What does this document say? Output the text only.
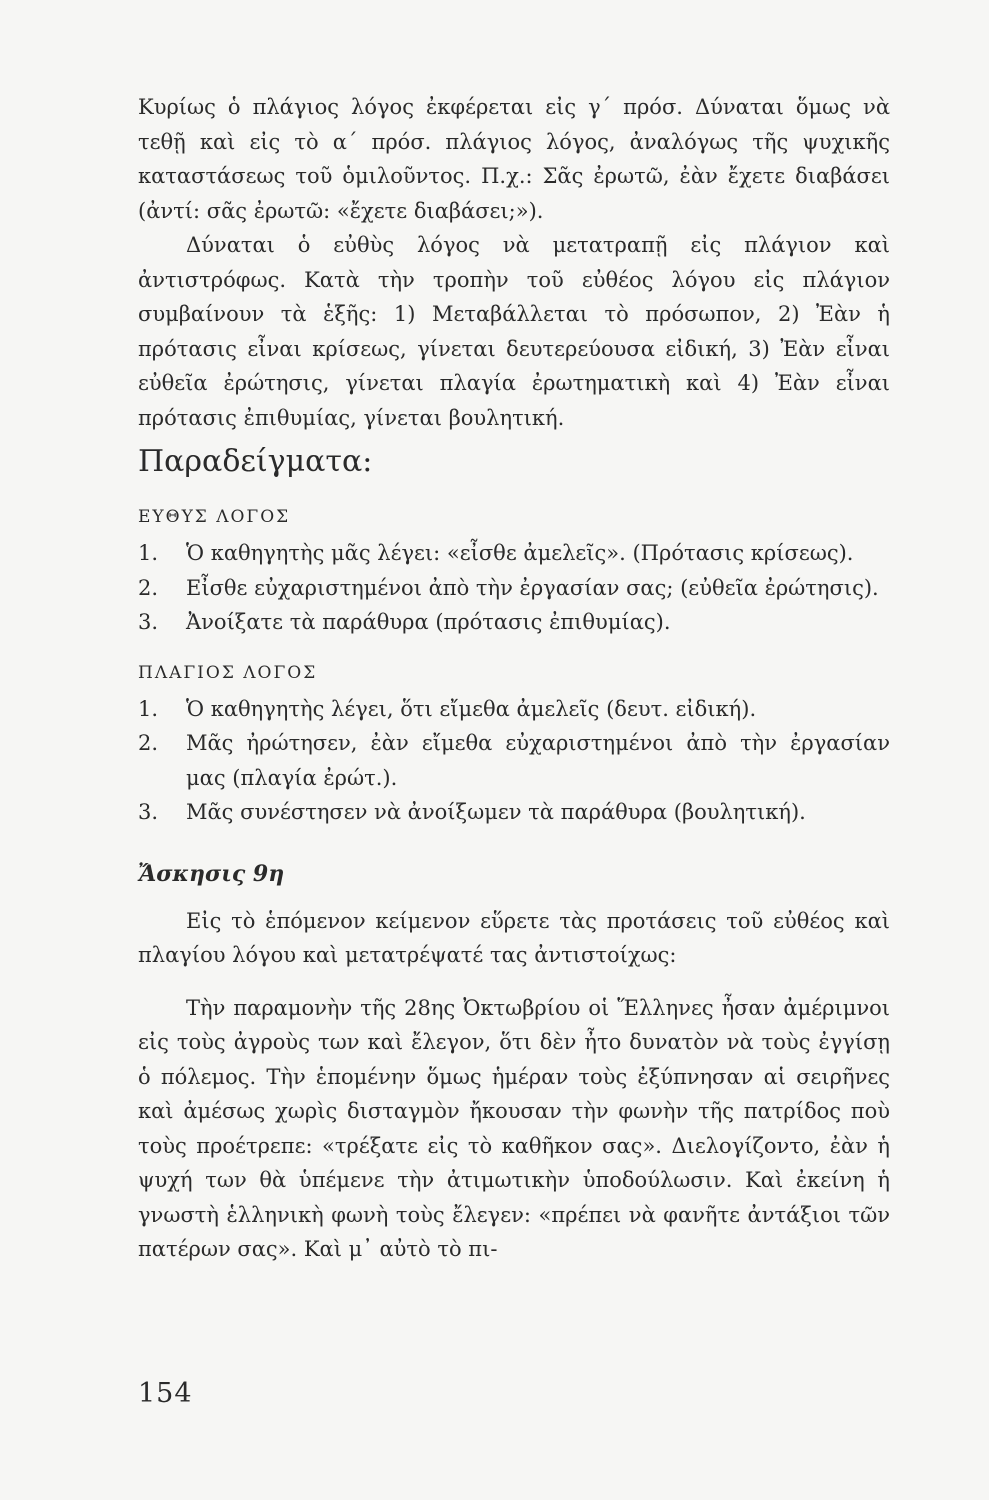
Κυρίως ὁ πλάγιος λόγος ἐκφέρεται εἰς γ΄ πρόσ. Δύναται ὅμως νὰ τεθῇ καὶ εἰς τὸ α΄ πρόσ. πλάγιος λόγος, ἀναλόγως τῆς ψυχικῆς καταστάσεως τοῦ ὁμιλοῦντος. Π.χ.: Σᾶς ἐρωτῶ, ἐὰν ἔχετε διαβάσει (ἀντί: σᾶς ἐρωτῶ: «ἔχετε διαβάσει;»).

Δύναται ὁ εὐθὺς λόγος νὰ μετατραπῇ εἰς πλάγιον καὶ ἀντιστρόφως. Κατὰ τὴν τροπὴν τοῦ εὐθέος λόγου εἰς πλάγιον συμβαίνουν τὰ ἑξῆς: 1) Μεταβάλλεται τὸ πρόσωπον, 2) Ἐὰν ἡ πρότασις εἶναι κρίσεως, γίνεται δευτερεύουσα εἰδική, 3) Ἐὰν εἶναι εὐθεῖα ἐρώτησις, γίνεται πλαγία ἐρωτηματικὴ καὶ 4) Ἐὰν εἶναι πρότασις ἐπιθυμίας, γίνεται βουλητική.

Παραδείγματα:
ΕΥΘΥΣ ΛΟΓΟΣ
1. Ὁ καθηγητὴς μᾶς λέγει: «εἶσθε ἀμελεῖς». (Πρότασις κρίσεως).
2. Εἶσθε εὐχαριστημένοι ἀπὸ τὴν ἐργασίαν σας; (εὐθεῖα ἐρώτησις).
3. Ἀνοίξατε τὰ παράθυρα (πρότασις ἐπιθυμίας).
ΠΛΑΓΙΟΣ ΛΟΓΟΣ
1. Ὁ καθηγητὴς λέγει, ὅτι εἴμεθα ἀμελεῖς (δευτ. εἰδική).
2. Μᾶς ἠρώτησεν, ἐὰν εἴμεθα εὐχαριστημένοι ἀπὸ τὴν ἐργασίαν μας (πλαγία ἐρώτ.).
3. Μᾶς συνέστησεν νὰ ἀνοίξωμεν τὰ παράθυρα (βουλητική).
Ἄσκησις 9η

Εἰς τὸ ἑπόμενον κείμενον εὕρετε τὰς προτάσεις τοῦ εὐθέος καὶ πλαγίου λόγου καὶ μετατρέψατέ τας ἀντιστοίχως:

Τὴν παραμονὴν τῆς 28ης Ὀκτωβρίου οἱ Ἕλληνες ἦσαν ἀμέριμνοι εἰς τοὺς ἀγροὺς των καὶ ἔλεγον, ὅτι δὲν ἦτο δυνατὸν νὰ τοὺς ἐγγίσῃ ὁ πόλεμος. Τὴν ἑπομένην ὅμως ἡμέραν τοὺς ἐξύπνησαν αἱ σειρῆνες καὶ ἀμέσως χωρὶς δισταγμὸν ἤκουσαν τὴν φωνὴν τῆς πατρίδος ποὺ τοὺς προέτρεπε: «τρέξατε εἰς τὸ καθῆκον σας». Διελογίζοντο, ἐὰν ἡ ψυχή των θὰ ὑπέμενε τὴν ἀτιμωτικὴν ὑποδούλωσιν. Καὶ ἐκείνη ἡ γνωστὴ ἑλληνικὴ φωνὴ τοὺς ἔλεγεν: «πρέπει νὰ φανῆτε ἀντάξιοι τῶν πατέρων σας». Καὶ μ᾽ αὐτὸ τὸ πι-

154
